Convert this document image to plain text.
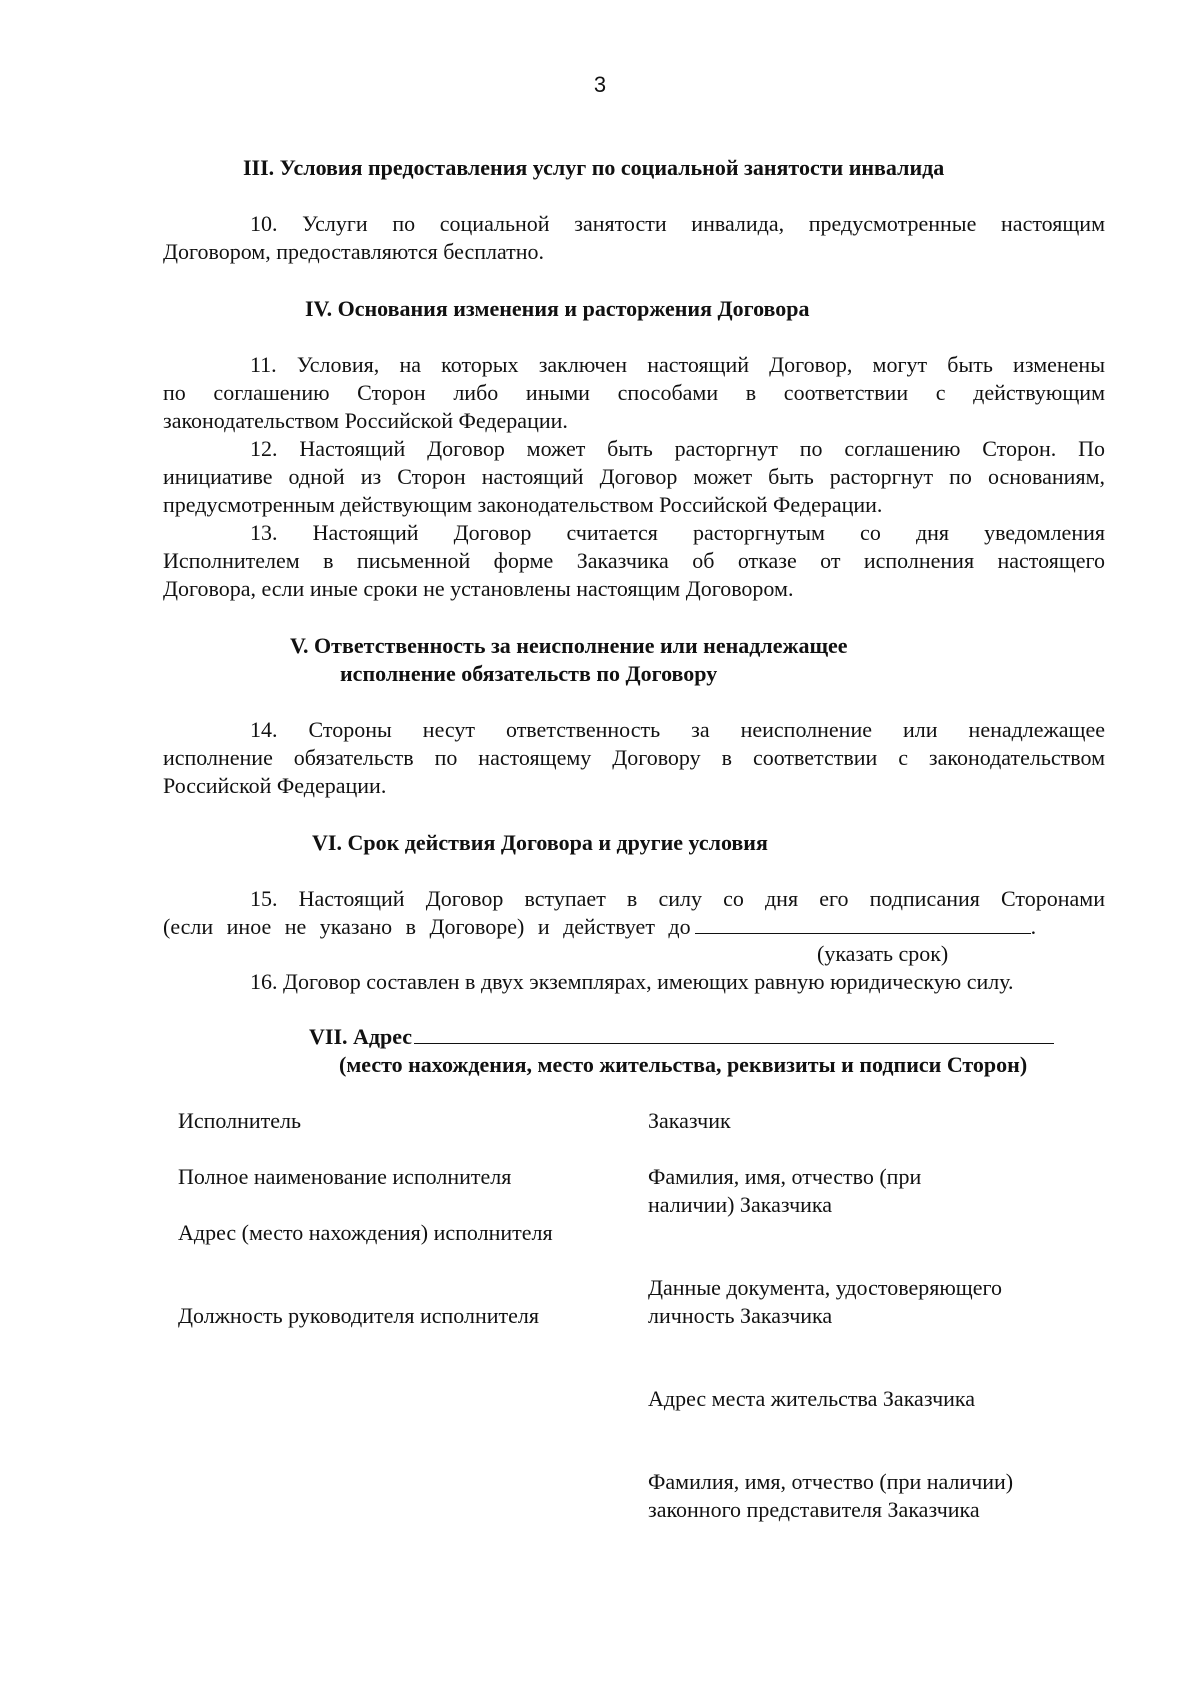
3
III. Условия предоставления услуг по социальной занятости инвалида
10. Услуги по социальной занятости инвалида, предусмотренные настоящим
Договором, предоставляются бесплатно.
IV. Основания изменения и расторжения Договора
11. Условия, на которых заключен настоящий Договор, могут быть изменены
по соглашению Сторон либо иными способами в соответствии с действующим
законодательством Российской Федерации.
12. Настоящий Договор может быть расторгнут по соглашению Сторон. По
инициативе одной из Сторон настоящий Договор может быть расторгнут по основаниям,
предусмотренным действующим законодательством Российской Федерации.
13. Настоящий Договор считается расторгнутым со дня уведомления
Исполнителем в письменной форме Заказчика об отказе от исполнения настоящего
Договора, если иные сроки не установлены настоящим Договором.
V. Ответственность за неисполнение или ненадлежащее
исполнение обязательств по Договору
14. Стороны несут ответственность за неисполнение или ненадлежащее
исполнение обязательств по настоящему Договору в соответствии с законодательством
Российской Федерации.
VI. Срок действия Договора и другие условия
15. Настоящий Договор вступает в силу со дня его подписания Сторонами
(если иное не указано в Договоре) и действует до	.
(указать срок)
16. Договор составлен в двух экземплярах, имеющих равную юридическую силу.
VII. Адрес
(место нахождения, место жительства, реквизиты и подписи Сторон)
Исполнитель
Полное наименование исполнителя
Адрес (место нахождения) исполнителя
Должность руководителя исполнителя
Заказчик
Фамилия, имя, отчество (при
наличии) Заказчика
Данные документа, удостоверяющего
личность Заказчика
Адрес места жительства Заказчика
Фамилия, имя, отчество (при наличии)
законного представителя Заказчика
